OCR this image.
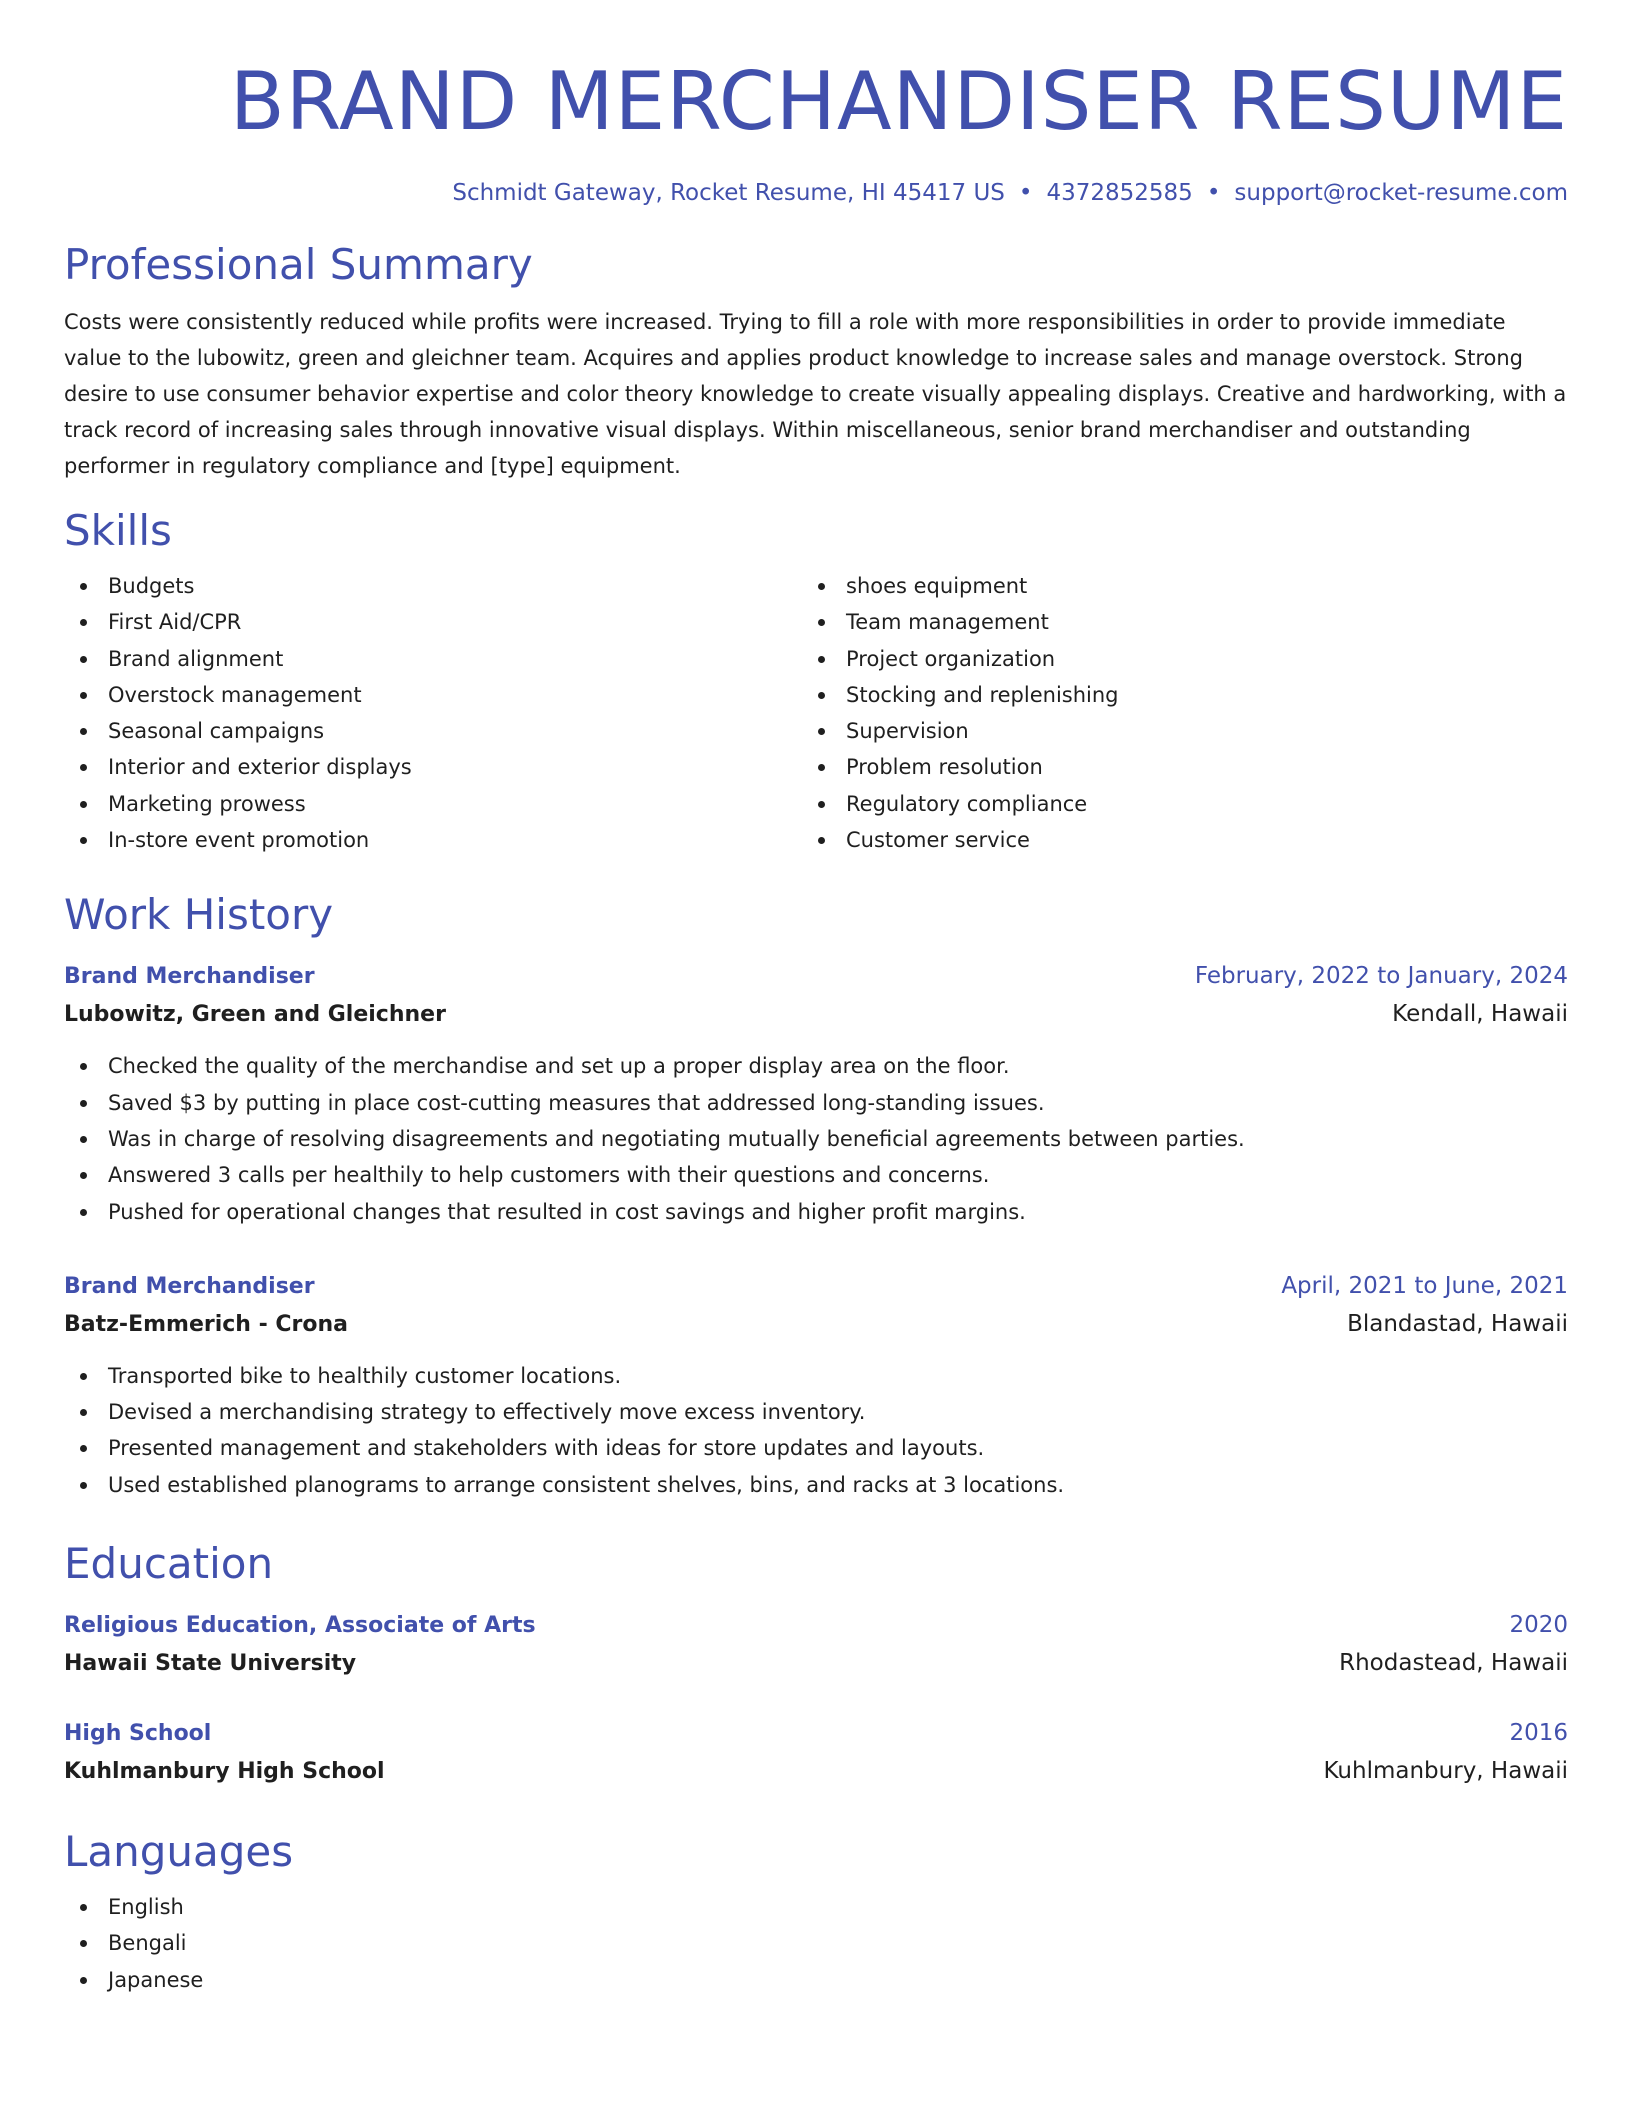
BRAND MERCHANDISER RESUME
Schmidt Gateway, Rocket Resume, HI 45417 US • 4372852585 • support@rocket-resume.com
Professional Summary

Costs were consistently reduced while profits were increased. Trying to fill a role with more responsibilities in order to provide immediate value to the lubowitz, green and gleichner team. Acquires and applies product knowledge to increase sales and manage overstock. Strong desire to use consumer behavior expertise and color theory knowledge to create visually appealing displays. Creative and hardworking, with a track record of increasing sales through innovative visual displays. Within miscellaneous, senior brand merchandiser and outstanding performer in regulatory compliance and [type] equipment.

Skills
Budgets
First Aid/CPR
Brand alignment
Overstock management
Seasonal campaigns
Interior and exterior displays
Marketing prowess
In-store event promotion
shoes equipment
Team management
Project organization
Stocking and replenishing
Supervision
Problem resolution
Regulatory compliance
Customer service
Work History
Brand Merchandiser	February, 2022 to January, 2024
Lubowitz, Green and Gleichner	Kendall, Hawaii
Checked the quality of the merchandise and set up a proper display area on the floor.
Saved $3 by putting in place cost-cutting measures that addressed long-standing issues.
Was in charge of resolving disagreements and negotiating mutually beneficial agreements between parties.
Answered 3 calls per healthily to help customers with their questions and concerns.
Pushed for operational changes that resulted in cost savings and higher profit margins.
Brand Merchandiser	April, 2021 to June, 2021
Batz-Emmerich - Crona	Blandastad, Hawaii
Transported bike to healthily customer locations.
Devised a merchandising strategy to effectively move excess inventory.
Presented management and stakeholders with ideas for store updates and layouts.
Used established planograms to arrange consistent shelves, bins, and racks at 3 locations.
Education
Religious Education, Associate of Arts	2020
Hawaii State University	Rhodastead, Hawaii
High School	2016
Kuhlmanbury High School	Kuhlmanbury, Hawaii
Languages
English
Bengali
Japanese
